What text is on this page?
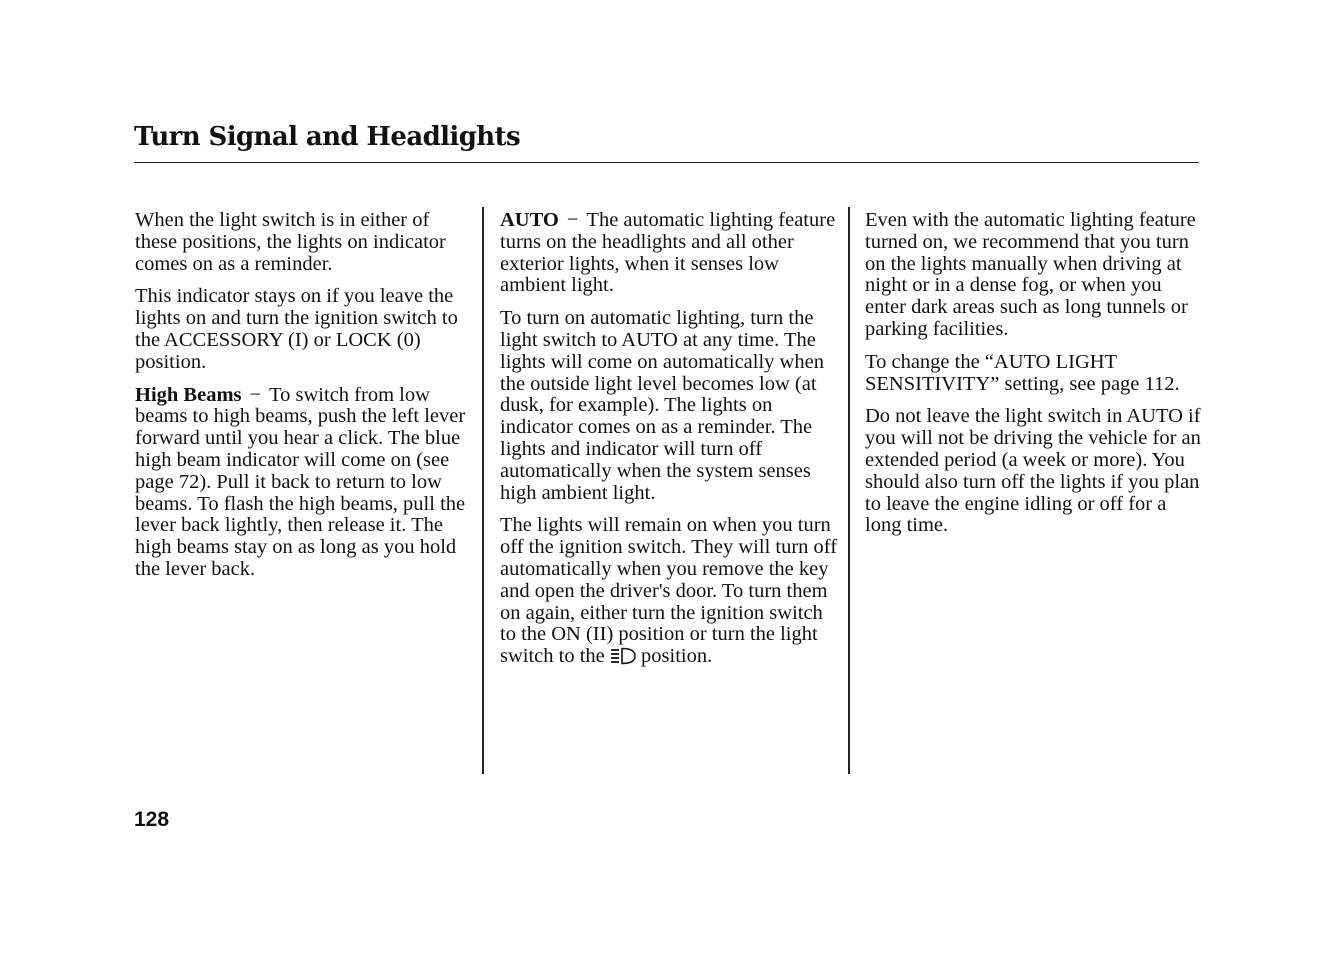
Turn Signal and Headlights

When the light switch is in either of these positions, the lights on indicator comes on as a reminder.

This indicator stays on if you leave the lights on and turn the ignition switch to the ACCESSORY (I) or LOCK (0) position.

High Beams − To switch from low beams to high beams, push the left lever forward until you hear a click. The blue high beam indicator will come on (see page 72). Pull it back to return to low beams. To flash the high beams, pull the lever back lightly, then release it. The high beams stay on as long as you hold the lever back.

AUTO − The automatic lighting feature turns on the headlights and all other exterior lights, when it senses low ambient light.

To turn on automatic lighting, turn the light switch to AUTO at any time. The lights will come on automatically when the outside light level becomes low (at dusk, for example). The lights on indicator comes on as a reminder. The lights and indicator will turn off automatically when the system senses high ambient light.

The lights will remain on when you turn off the ignition switch. They will turn off automatically when you remove the key and open the driver's door. To turn them on again, either turn the ignition switch to the ON (II) position or turn the light switch to the position.

Even with the automatic lighting feature turned on, we recommend that you turn on the lights manually when driving at night or in a dense fog, or when you enter dark areas such as long tunnels or parking facilities.

To change the “AUTO LIGHT SENSITIVITY” setting, see page 112.

Do not leave the light switch in AUTO if you will not be driving the vehicle for an extended period (a week or more). You should also turn off the lights if you plan to leave the engine idling or off for a long time.

128
